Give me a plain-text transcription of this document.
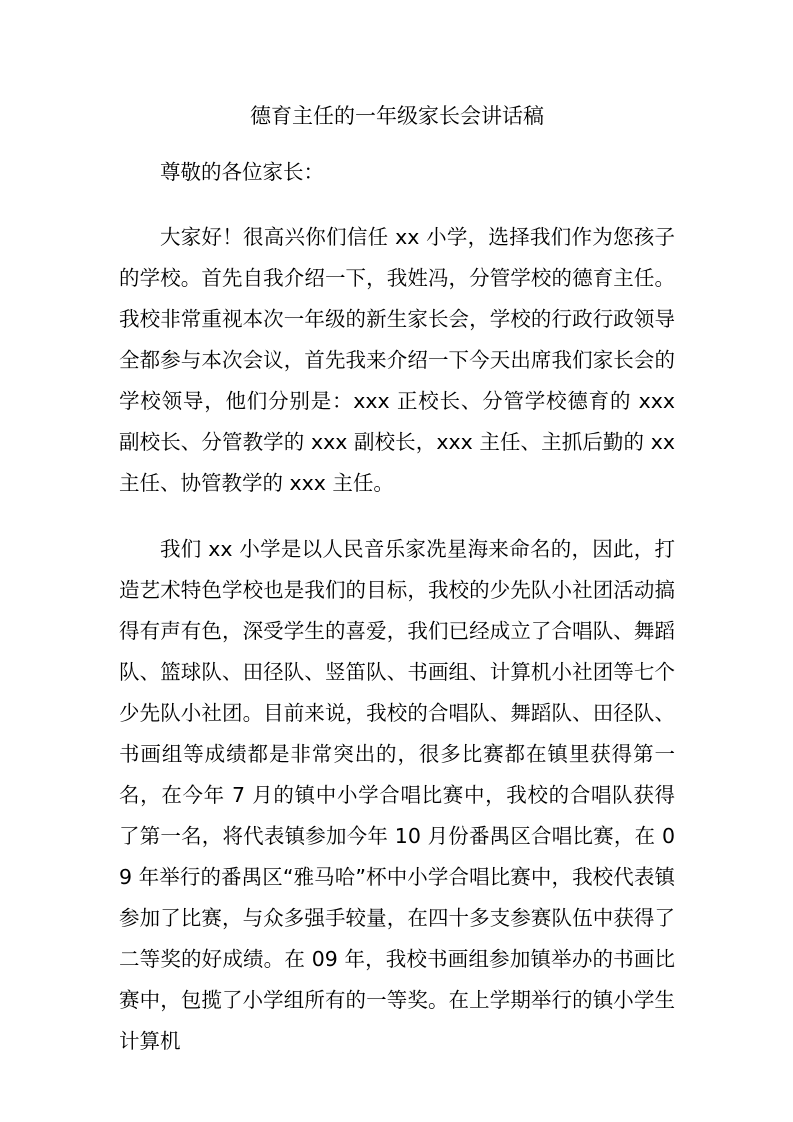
德育主任的一年级家长会讲话稿

尊敬的各位家长：

大家好！很高兴你们信任 xx 小学，选择我们作为您孩子的学校。首先自我介绍一下，我姓冯，分管学校的德育主任。我校非常重视本次一年级的新生家长会，学校的行政行政领导全都参与本次会议，首先我来介绍一下今天出席我们家长会的学校领导，他们分别是：xxx 正校长、分管学校德育的 xxx 副校长、分管教学的 xxx 副校长，xxx 主任、主抓后勤的 xx 主任、协管教学的 xxx 主任。

我们 xx 小学是以人民音乐家冼星海来命名的，因此，打造艺术特色学校也是我们的目标，我校的少先队小社团活动搞得有声有色，深受学生的喜爱，我们已经成立了合唱队、舞蹈队、篮球队、田径队、竖笛队、书画组、计算机小社团等七个少先队小社团。目前来说，我校的合唱队、舞蹈队、田径队、书画组等成绩都是非常突出的，很多比赛都在镇里获得第一名，在今年 7 月的镇中小学合唱比赛中，我校的合唱队获得了第一名，将代表镇参加今年 10 月份番禺区合唱比赛，在 09 年举行的番禺区“雅马哈”杯中小学合唱比赛中，我校代表镇参加了比赛，与众多强手较量，在四十多支参赛队伍中获得了二等奖的好成绩。在 09 年，我校书画组参加镇举办的书画比赛中，包揽了小学组所有的一等奖。在上学期举行的镇小学生计算机
